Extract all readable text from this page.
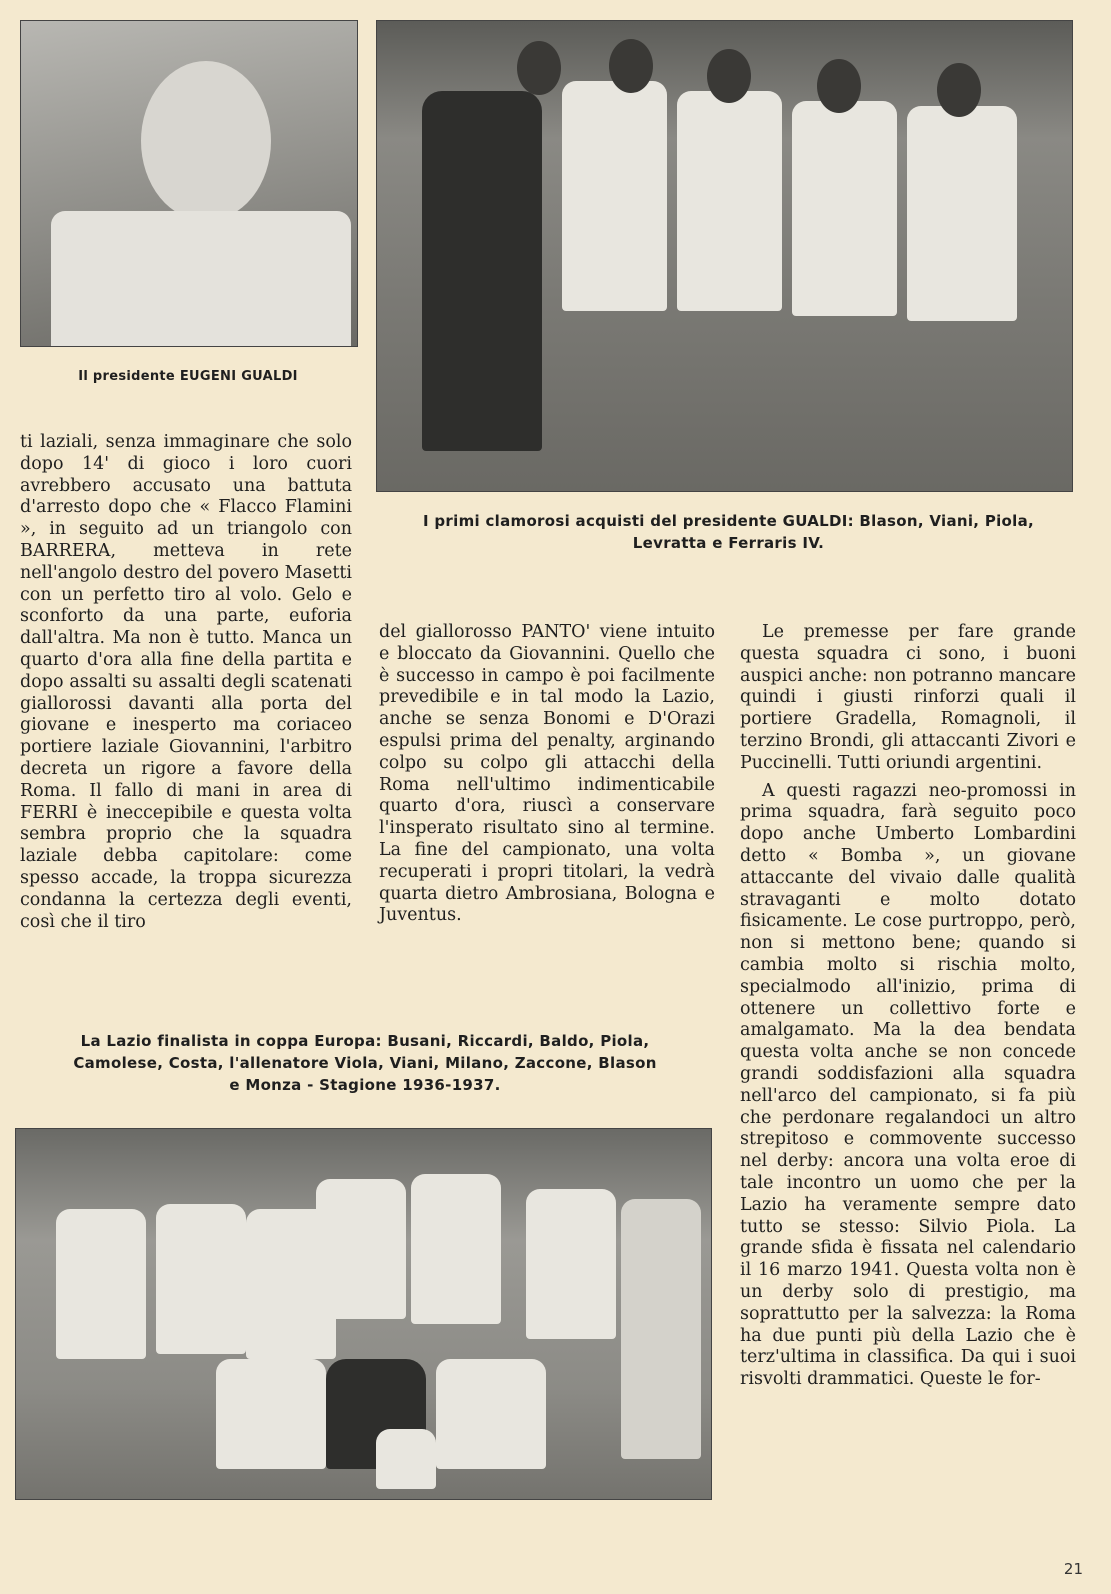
Il presidente EUGENI GUALDI
I primi clamorosi acquisti del presidente GUALDI: Blason, Viani, Piola,
Levratta e Ferraris IV.

ti laziali, senza immaginare che solo dopo 14' di gioco i loro cuori avrebbero accusato una battuta d'arresto dopo che « Flacco Flamini », in seguito ad un triangolo con BARRERA, metteva in rete nell'angolo destro del povero Masetti con un perfetto tiro al volo. Gelo e sconforto da una parte, euforia dall'altra. Ma non è tutto. Manca un quarto d'ora alla fine della partita e dopo assalti su assalti degli scatenati giallorossi davanti alla porta del giovane e inesperto ma coriaceo portiere laziale Giovannini, l'arbitro decreta un rigore a favore della Roma. Il fallo di mani in area di FERRI è ineccepibile e questa volta sembra proprio che la squadra laziale debba capitolare: come spesso accade, la troppa sicurezza condanna la certezza degli eventi, così che il tiro

del giallorosso PANTO' viene intuito e bloccato da Giovannini. Quello che è successo in campo è poi facilmente prevedibile e in tal modo la Lazio, anche se senza Bonomi e D'Orazi espulsi prima del penalty, arginando colpo su colpo gli attacchi della Roma nell'ultimo indimenticabile quarto d'ora, riuscì a conservare l'insperato risultato sino al termine. La fine del campionato, una volta recuperati i propri titolari, la vedrà quarta dietro Ambrosiana, Bologna e Juventus.

Le premesse per fare grande questa squadra ci sono, i buoni auspici anche: non potranno mancare quindi i giusti rinforzi quali il portiere Gradella, Romagnoli, il terzino Brondi, gli attaccanti Zivori e Puccinelli. Tutti oriundi argentini.

A questi ragazzi neo-promossi in prima squadra, farà seguito poco dopo anche Umberto Lombardini detto « Bomba », un giovane attaccante del vivaio dalle qualità stravaganti e molto dotato fisicamente. Le cose purtroppo, però, non si mettono bene; quando si cambia molto si rischia molto, specialmodo all'inizio, prima di ottenere un collettivo forte e amalgamato. Ma la dea bendata questa volta anche se non concede grandi soddisfazioni alla squadra nell'arco del campionato, si fa più che perdonare regalandoci un altro strepitoso e commovente successo nel derby: ancora una volta eroe di tale incontro un uomo che per la Lazio ha veramente sempre dato tutto se stesso: Silvio Piola. La grande sfida è fissata nel calendario il 16 marzo 1941. Questa volta non è un derby solo di prestigio, ma soprattutto per la salvezza: la Roma ha due punti più della Lazio che è terz'ultima in classifica. Da qui i suoi risvolti drammatici. Queste le for-

La Lazio finalista in coppa Europa: Busani, Riccardi, Baldo, Piola,
Camolese, Costa, l'allenatore Viola, Viani, Milano, Zaccone, Blason
e Monza - Stagione 1936-1937.
21
